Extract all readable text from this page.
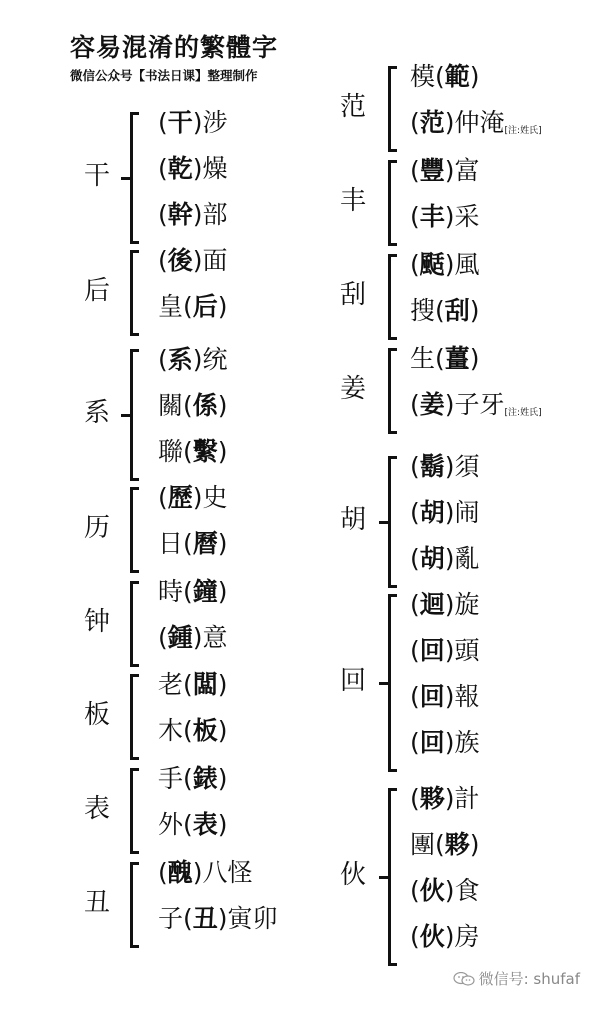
容易混淆的繁體字
微信公众号【书法日课】整理制作
干
(干)涉
(乾)燥
(幹)部
后
(後)面
皇(后)
系
(系)统
關(係)
聯(繫)
历
(歷)史
日(曆)
钟
時(鐘)
(鍾)意
板
老(闆)
木(板)
表
手(錶)
外(表)
丑
(醜)八怪
子(丑)寅卯
范
模(範)
(范)仲淹[注:姓氏]
丰
(豐)富
(丰)采
刮
(颳)風
搜(刮)
姜
生(薑)
(姜)子牙[注:姓氏]
胡
(鬍)須
(胡)闹
(胡)亂
回
(迴)旋
(回)頭
(回)報
(回)族
伙
(夥)計
團(夥)
(伙)食
(伙)房
微信号: shufaf
